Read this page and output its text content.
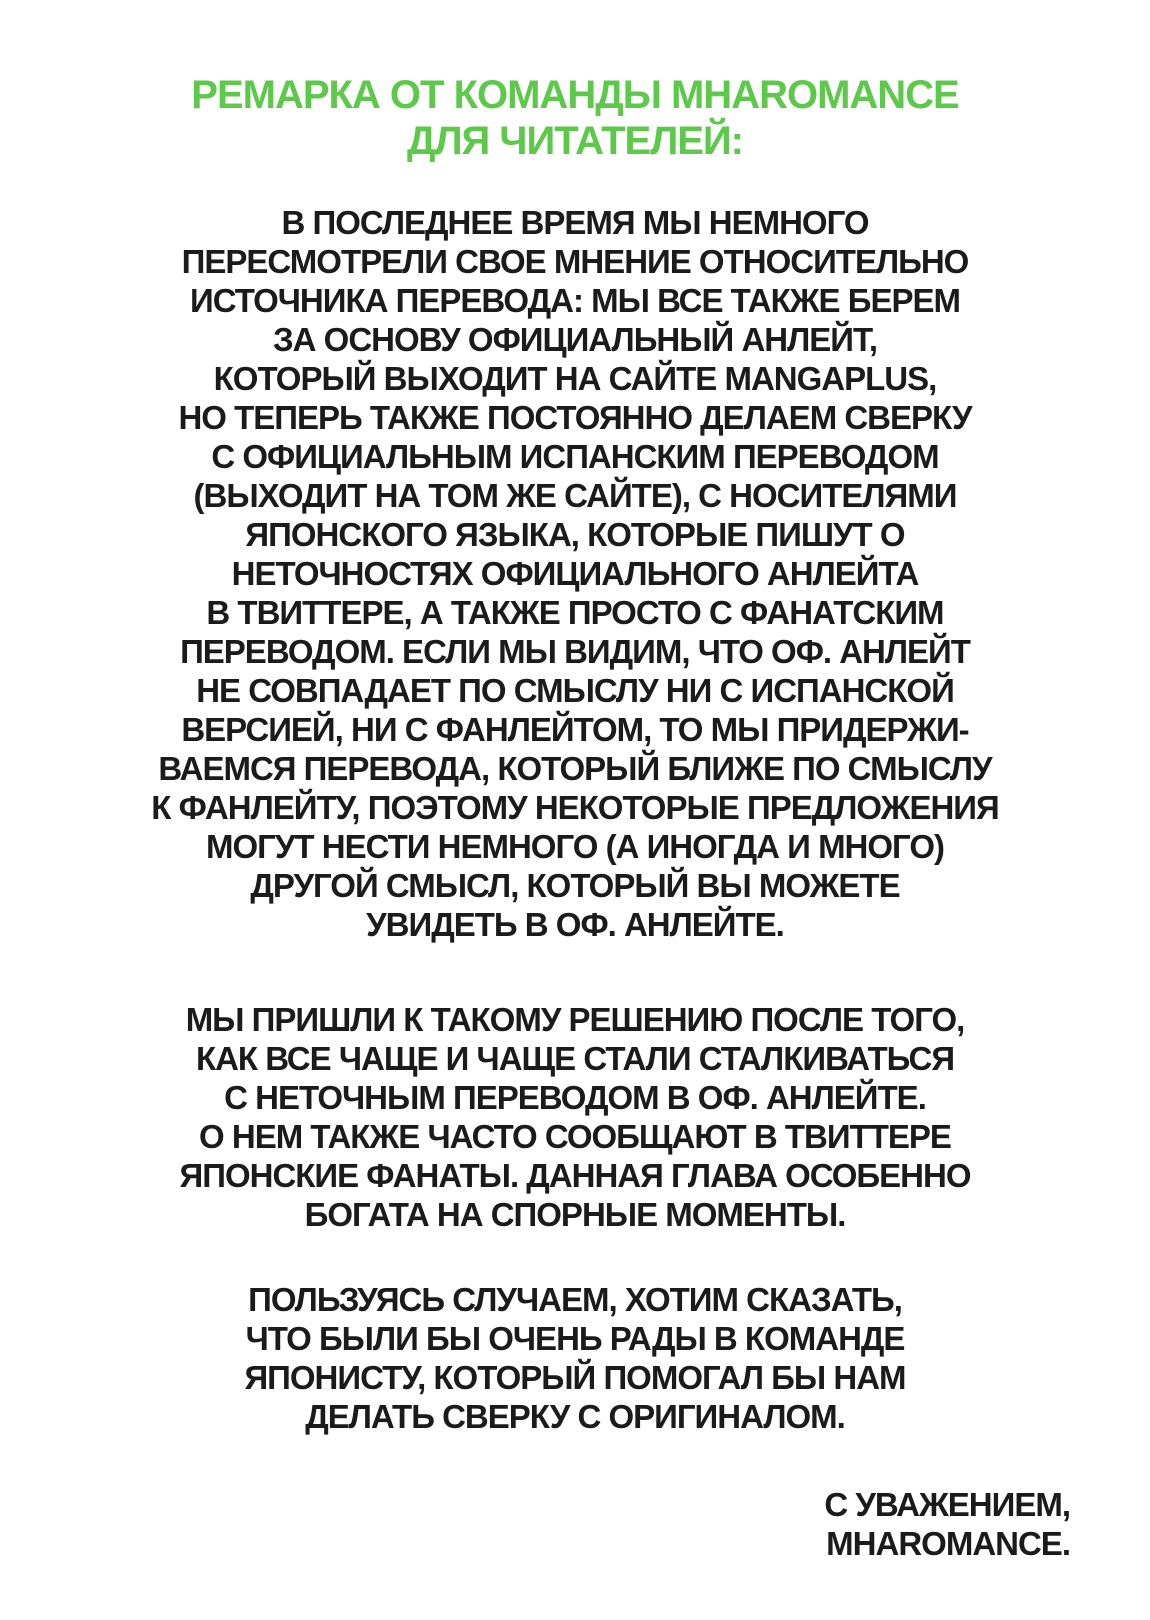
РЕМАРКА ОТ КОМАНДЫ MHAROMANCE
ДЛЯ ЧИТАТЕЛЕЙ:
В ПОСЛЕДНЕЕ ВРЕМЯ МЫ НЕМНОГО
ПЕРЕСМОТРЕЛИ СВОЕ МНЕНИЕ ОТНОСИТЕЛЬНО
ИСТОЧНИКА ПЕРЕВОДА: МЫ ВСЕ ТАКЖЕ БЕРЕМ
ЗА ОСНОВУ ОФИЦИАЛЬНЫЙ АНЛЕЙТ,
КОТОРЫЙ ВЫХОДИТ НА САЙТЕ MANGAPLUS,
НО ТЕПЕРЬ ТАКЖЕ ПОСТОЯННО ДЕЛАЕМ СВЕРКУ
С ОФИЦИАЛЬНЫМ ИСПАНСКИМ ПЕРЕВОДОМ
(ВЫХОДИТ НА ТОМ ЖЕ САЙТЕ), С НОСИТЕЛЯМИ
ЯПОНСКОГО ЯЗЫКА, КОТОРЫЕ ПИШУТ О
НЕТОЧНОСТЯХ ОФИЦИАЛЬНОГО АНЛЕЙТА
В ТВИТТЕРЕ, А ТАКЖЕ ПРОСТО С ФАНАТСКИМ
ПЕРЕВОДОМ. ЕСЛИ МЫ ВИДИМ, ЧТО ОФ. АНЛЕЙТ
НЕ СОВПАДАЕТ ПО СМЫСЛУ НИ С ИСПАНСКОЙ
ВЕРСИЕЙ, НИ С ФАНЛЕЙТОМ, ТО МЫ ПРИДЕРЖИ-
ВАЕМСЯ ПЕРЕВОДА, КОТОРЫЙ БЛИЖЕ ПО СМЫСЛУ
К ФАНЛЕЙТУ, ПОЭТОМУ НЕКОТОРЫЕ ПРЕДЛОЖЕНИЯ
МОГУТ НЕСТИ НЕМНОГО (А ИНОГДА И МНОГО)
ДРУГОЙ СМЫСЛ, КОТОРЫЙ ВЫ МОЖЕТЕ
УВИДЕТЬ В ОФ. АНЛЕЙТЕ.
МЫ ПРИШЛИ К ТАКОМУ РЕШЕНИЮ ПОСЛЕ ТОГО,
КАК ВСЕ ЧАЩЕ И ЧАЩЕ СТАЛИ СТАЛКИВАТЬСЯ
С НЕТОЧНЫМ ПЕРЕВОДОМ В ОФ. АНЛЕЙТЕ.
О НЕМ ТАКЖЕ ЧАСТО СООБЩАЮТ В ТВИТТЕРЕ
ЯПОНСКИЕ ФАНАТЫ. ДАННАЯ ГЛАВА ОСОБЕННО
БОГАТА НА СПОРНЫЕ МОМЕНТЫ.
ПОЛЬЗУЯСЬ СЛУЧАЕМ, ХОТИМ СКАЗАТЬ,
ЧТО БЫЛИ БЫ ОЧЕНЬ РАДЫ В КОМАНДЕ
ЯПОНИСТУ, КОТОРЫЙ ПОМОГАЛ БЫ НАМ
ДЕЛАТЬ СВЕРКУ С ОРИГИНАЛОМ.
С УВАЖЕНИЕМ,
MHAROMANCE.
